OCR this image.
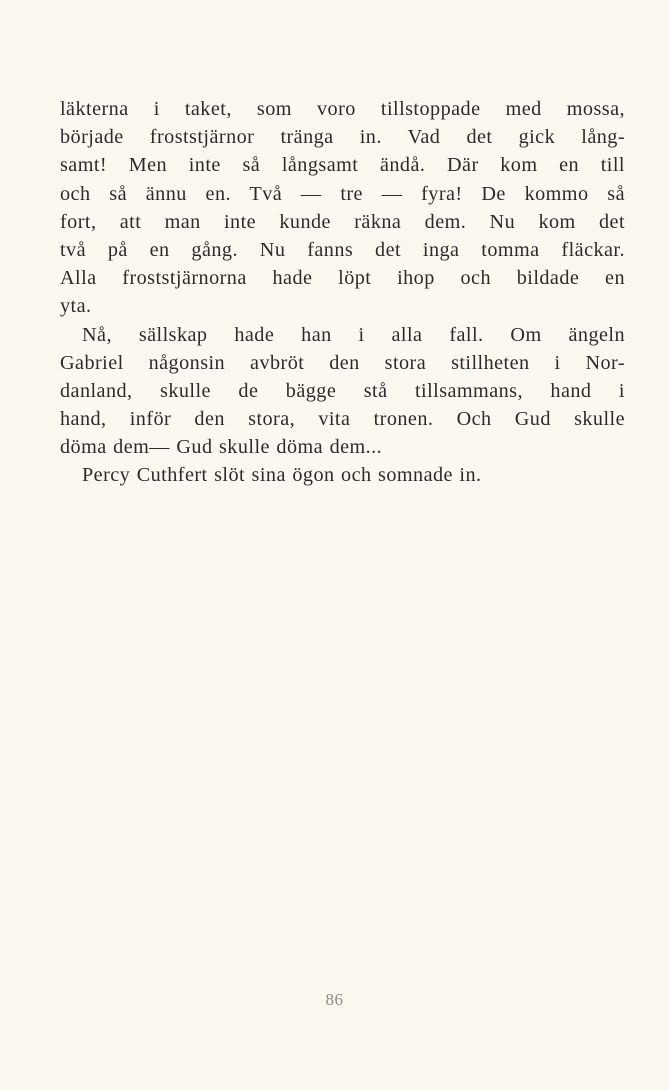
läkterna i taket, som voro tillstoppade med mossa,
började froststjärnor tränga in. Vad det gick lång-
samt! Men inte så långsamt ändå. Där kom en till
och så ännu en. Två — tre — fyra! De kommo så
fort, att man inte kunde räkna dem. Nu kom det
två på en gång. Nu fanns det inga tomma fläckar.
Alla froststjärnorna hade löpt ihop och bildade en
yta.
Nå, sällskap hade han i alla fall. Om ängeln
Gabriel någonsin avbröt den stora stillheten i Nor-
danland, skulle de bägge stå tillsammans, hand i
hand, inför den stora, vita tronen. Och Gud skulle
döma dem— Gud skulle döma dem...
Percy Cuthfert slöt sina ögon och somnade in.
86
